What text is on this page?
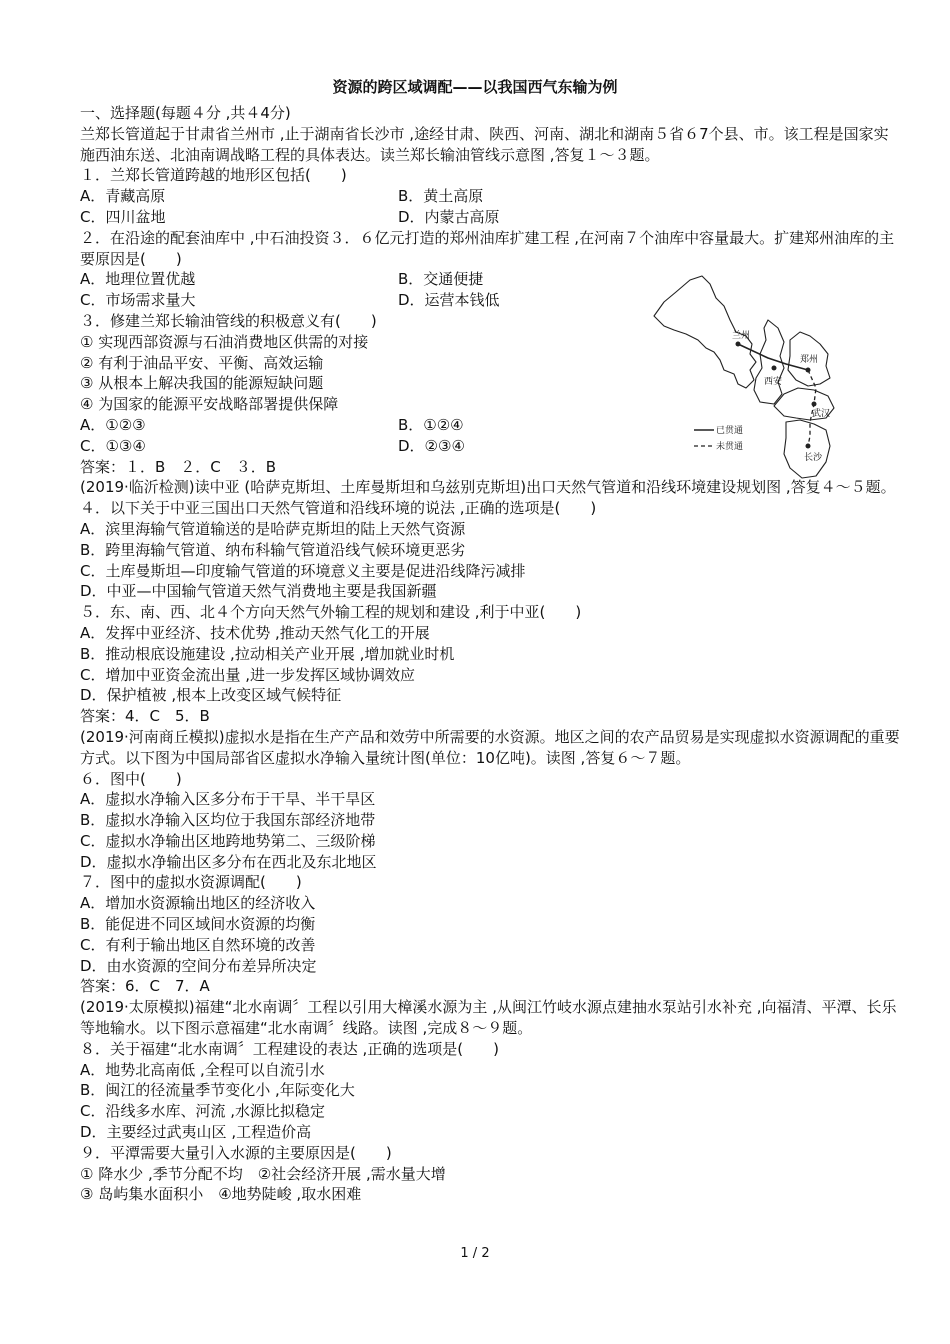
资源的跨区域调配——以我国西气东输为例
一、选择题(每题４分 ,共４4分)
兰郑长管道起于甘肃省兰州市 ,止于湖南省长沙市 ,途经甘肃、陕西、河南、湖北和湖南５省６7个县、市。该工程是国家实施西油东送、北油南调战略工程的具体表达。读兰郑长输油管线示意图 ,答复１～３题。
１．兰郑长管道跨越的地形区包括(　　)
A．青藏高原	B．黄土高原
C．四川盆地	D．内蒙古高原
２．在沿途的配套油库中 ,中石油投资３．６亿元打造的郑州油库扩建工程 ,在河南７个油库中容量最大。扩建郑州油库的主要原因是(　　)
A．地理位置优越	B．交通便捷
C．市场需求量大	D．运营本钱低
３．修建兰郑长输油管线的积极意义有(　　)
① 实现西部资源与石油消费地区供需的对接
② 有利于油品平安、平衡、高效运输
③ 从根本上解决我国的能源短缺问题
④ 为国家的能源平安战略部署提供保障
A．①②③	B．①②④
C．①③④	D．②③④
答案：１．B　２．C　３．B
(2019·临沂检测)读中亚 (哈萨克斯坦、土库曼斯坦和乌兹别克斯坦)出口天然气管道和沿线环境建设规划图 ,答复４～５题。
４．以下关于中亚三国出口天然气管道和沿线环境的说法 ,正确的选项是(　　)
A．滨里海输气管道输送的是哈萨克斯坦的陆上天然气资源
B．跨里海输气管道、纳布科输气管道沿线气候环境更恶劣
C．土库曼斯坦—印度输气管道的环境意义主要是促进沿线降污减排
D．中亚—中国输气管道天然气消费地主要是我国新疆
５．东、南、西、北４个方向天然气外输工程的规划和建设 ,利于中亚(　　)
A．发挥中亚经济、技术优势 ,推动天然气化工的开展
B．推动根底设施建设 ,拉动相关产业开展 ,增加就业时机
C．增加中亚资金流出量 ,进一步发挥区域协调效应
D．保护植被 ,根本上改变区域气候特征
答案：4．C　5．B
(2019·河南商丘模拟)虚拟水是指在生产产品和效劳中所需要的水资源。地区之间的农产品贸易是实现虚拟水资源调配的重要方式。以下图为中国局部省区虚拟水净输入量统计图(单位：10亿吨)。读图 ,答复６～７题。
６．图中(　　)
A．虚拟水净输入区多分布于干旱、半干旱区
B．虚拟水净输入区均位于我国东部经济地带
C．虚拟水净输出区地跨地势第二、三级阶梯
D．虚拟水净输出区多分布在西北及东北地区
７．图中的虚拟水资源调配(　　)
A．增加水资源输出地区的经济收入
B．能促进不同区域间水资源的均衡
C．有利于输出地区自然环境的改善
D．由水资源的空间分布差异所决定
答案：6．C　7．A
(2019·太原模拟)福建“北水南调〞工程以引用大樟溪水源为主 ,从闽江竹岐水源点建抽水泵站引水补充 ,向福清、平潭、长乐等地输水。以下图示意福建“北水南调〞线路。读图 ,完成８～９题。
８．关于福建“北水南调〞工程建设的表达 ,正确的选项是(　　)
A．地势北高南低 ,全程可以自流引水
B．闽江的径流量季节变化小 ,年际变化大
C．沿线多水库、河流 ,水源比拟稳定
D．主要经过武夷山区 ,工程造价高
９．平潭需要大量引入水源的主要原因是(　　)
① 降水少 ,季节分配不均　②社会经济开展 ,需水量大增
③ 岛屿集水面积小　④地势陡峻 ,取水困难
兰州
西安
郑州
武汉
长沙
已贯通
未贯通
1 / 2
